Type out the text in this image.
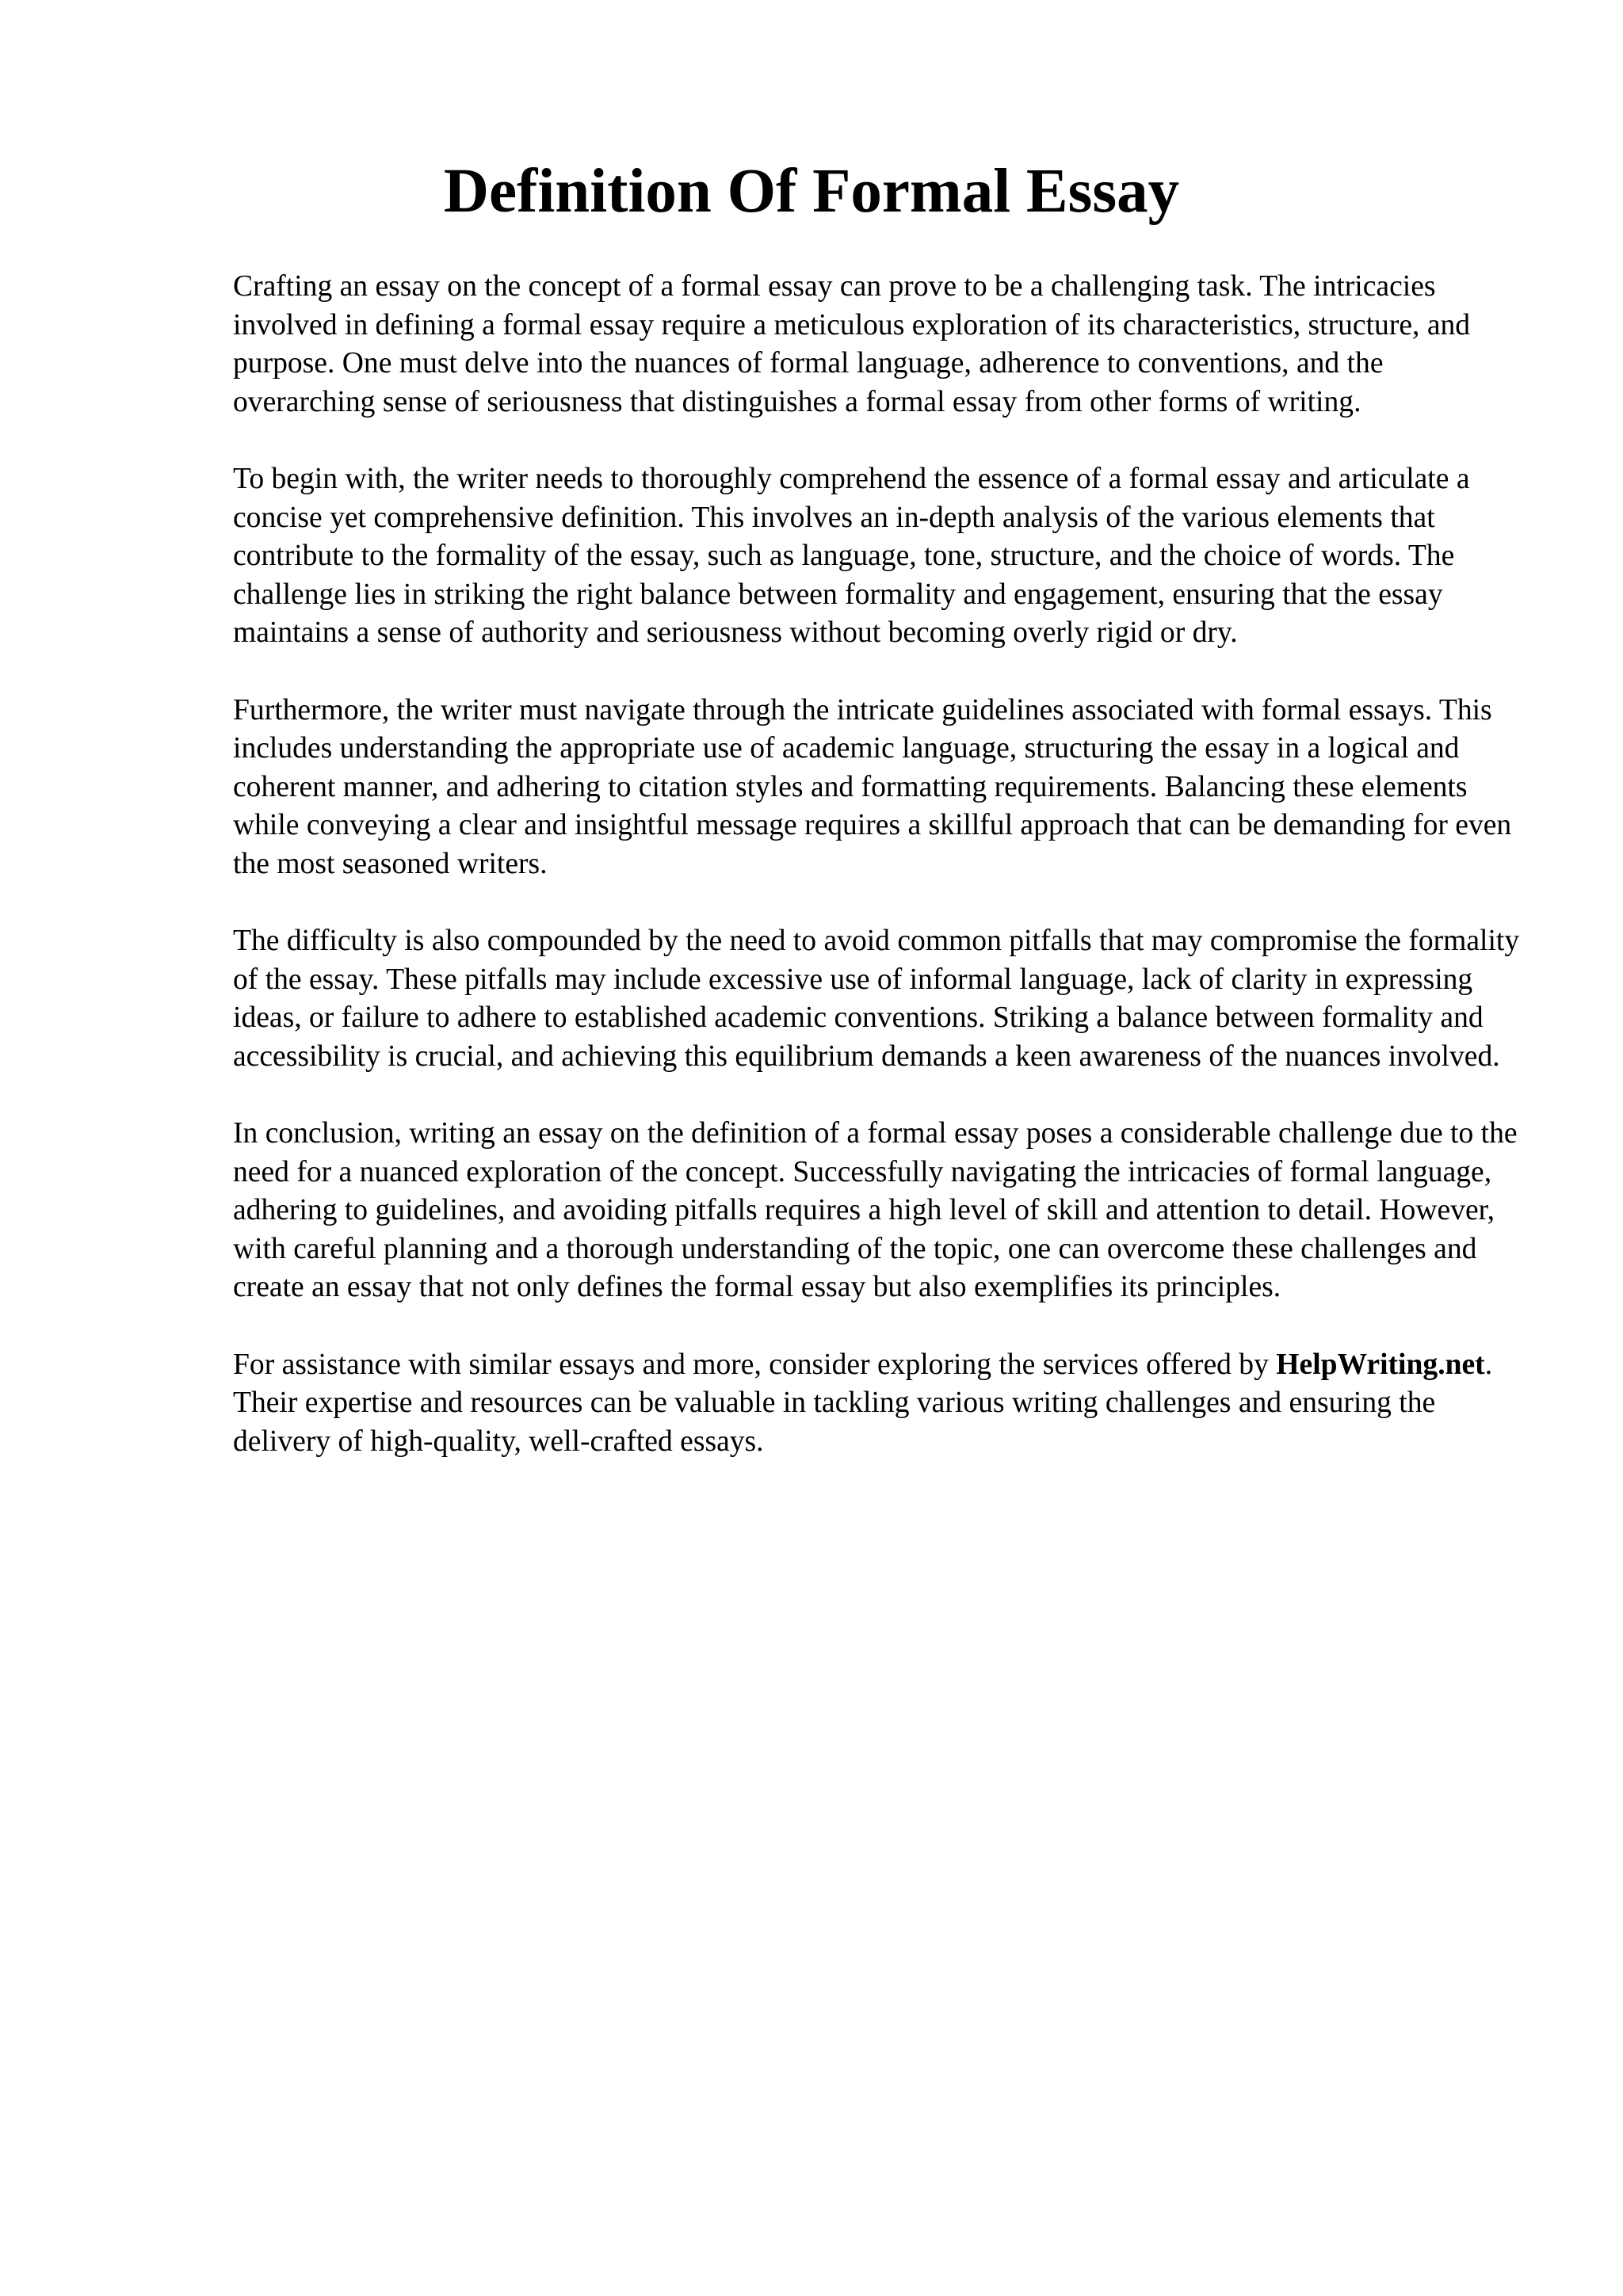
Definition Of Formal Essay

Crafting an essay on the concept of a formal essay can prove to be a challenging task. The intricacies involved in defining a formal essay require a meticulous exploration of its characteristics, structure, and purpose. One must delve into the nuances of formal language, adherence to conventions, and the overarching sense of seriousness that distinguishes a formal essay from other forms of writing.

To begin with, the writer needs to thoroughly comprehend the essence of a formal essay and articulate a concise yet comprehensive definition. This involves an in-depth analysis of the various elements that contribute to the formality of the essay, such as language, tone, structure, and the choice of words. The challenge lies in striking the right balance between formality and engagement, ensuring that the essay maintains a sense of authority and seriousness without becoming overly rigid or dry.

Furthermore, the writer must navigate through the intricate guidelines associated with formal essays. This includes understanding the appropriate use of academic language, structuring the essay in a logical and coherent manner, and adhering to citation styles and formatting requirements. Balancing these elements while conveying a clear and insightful message requires a skillful approach that can be demanding for even the most seasoned writers.

The difficulty is also compounded by the need to avoid common pitfalls that may compromise the formality of the essay. These pitfalls may include excessive use of informal language, lack of clarity in expressing ideas, or failure to adhere to established academic conventions. Striking a balance between formality and accessibility is crucial, and achieving this equilibrium demands a keen awareness of the nuances involved.

In conclusion, writing an essay on the definition of a formal essay poses a considerable challenge due to the need for a nuanced exploration of the concept. Successfully navigating the intricacies of formal language, adhering to guidelines, and avoiding pitfalls requires a high level of skill and attention to detail. However, with careful planning and a thorough understanding of the topic, one can overcome these challenges and create an essay that not only defines the formal essay but also exemplifies its principles.

For assistance with similar essays and more, consider exploring the services offered by HelpWriting.net. Their expertise and resources can be valuable in tackling various writing challenges and ensuring the delivery of high-quality, well-crafted essays.
